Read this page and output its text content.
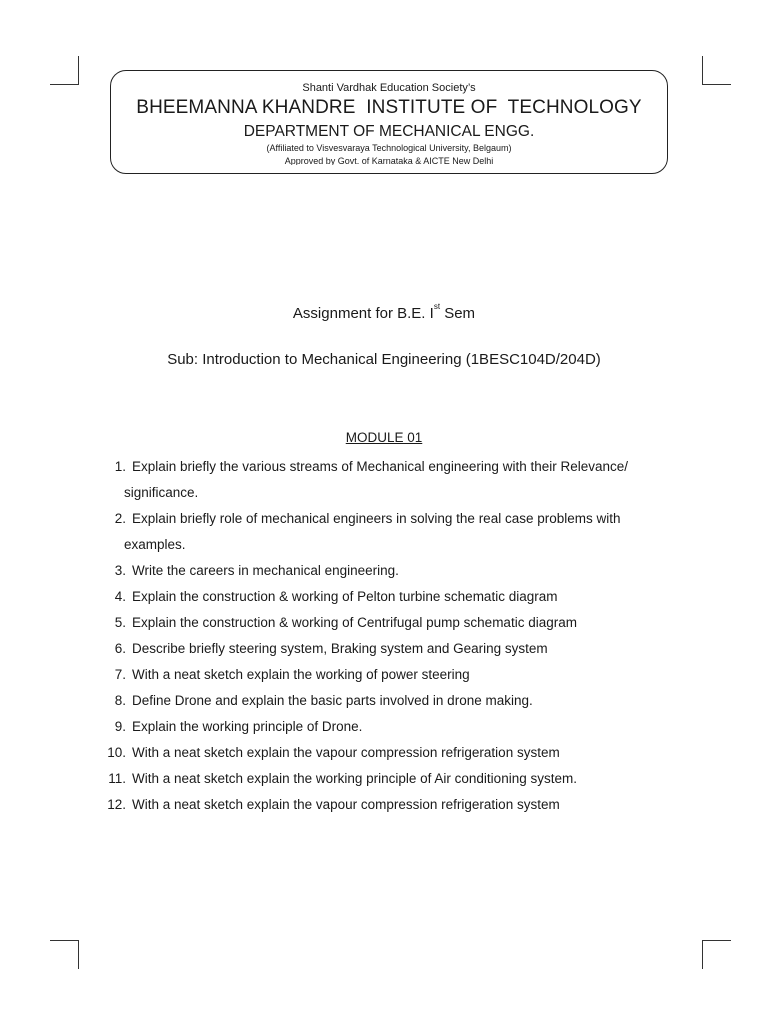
Shanti Vardhak Education Society’s
BHEEMANNA KHANDRE  INSTITUTE OF  TECHNOLOGY
DEPARTMENT OF MECHANICAL ENGG.
(Affiliated to Visvesvaraya Technological University, Belgaum)
Approved by Govt. of Karnataka & AICTE New Delhi
Assignment for B.E. Ist Sem
Sub: Introduction to Mechanical Engineering (1BESC104D/204D)
MODULE 01
1. Explain briefly the various streams of Mechanical engineering with their Relevance/
significance.
2. Explain briefly role of mechanical engineers in solving the real case problems with
examples.
3. Write the careers in mechanical engineering.
4. Explain the construction & working of Pelton turbine schematic diagram
5. Explain the construction & working of Centrifugal pump schematic diagram
6. Describe briefly steering system, Braking system and Gearing system
7. With a neat sketch explain the working of power steering
8. Define Drone and explain the basic parts involved in drone making.
9. Explain the working principle of Drone.
10. With a neat sketch explain the vapour compression refrigeration system
11. With a neat sketch explain the working principle of Air conditioning system.
12. With a neat sketch explain the vapour compression refrigeration system
